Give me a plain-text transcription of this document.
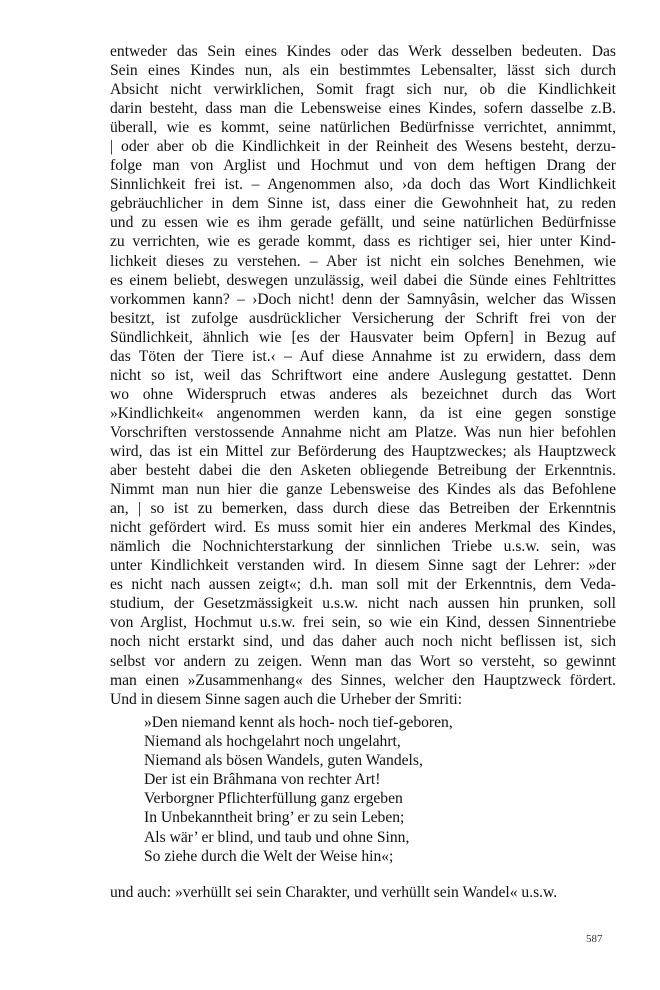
entweder das Sein eines Kindes oder das Werk desselben bedeuten. Das
Sein eines Kindes nun, als ein bestimmtes Lebensalter, lässt sich durch
Absicht nicht verwirklichen, Somit fragt sich nur, ob die Kindlichkeit
darin besteht, dass man die Lebensweise eines Kindes, sofern dasselbe z.B.
überall, wie es kommt, seine natürlichen Bedürfnisse verrichtet, annimmt,
| oder aber ob die Kindlichkeit in der Reinheit des Wesens besteht, derzu-
folge man von Arglist und Hochmut und von dem heftigen Drang der
Sinnlichkeit frei ist. – Angenommen also, ›da doch das Wort Kindlichkeit
gebräuchlicher in dem Sinne ist, dass einer die Gewohnheit hat, zu reden
und zu essen wie es ihm gerade gefällt, und seine natürlichen Bedürfnisse
zu verrichten, wie es gerade kommt, dass es richtiger sei, hier unter Kind-
lichkeit dieses zu verstehen. – Aber ist nicht ein solches Benehmen, wie
es einem beliebt, deswegen unzulässig, weil dabei die Sünde eines Fehltrittes
vorkommen kann? – ›Doch nicht! denn der Samnyâsin, welcher das Wissen
besitzt, ist zufolge ausdrücklicher Versicherung der Schrift frei von der
Sündlichkeit, ähnlich wie [es der Hausvater beim Opfern] in Bezug auf
das Töten der Tiere ist.‹ – Auf diese Annahme ist zu erwidern, dass dem
nicht so ist, weil das Schriftwort eine andere Auslegung gestattet. Denn
wo ohne Widerspruch etwas anderes als bezeichnet durch das Wort
»Kindlichkeit« angenommen werden kann, da ist eine gegen sonstige
Vorschriften verstossende Annahme nicht am Platze. Was nun hier befohlen
wird, das ist ein Mittel zur Beförderung des Hauptzweckes; als Hauptzweck
aber besteht dabei die den Asketen obliegende Betreibung der Erkenntnis.
Nimmt man nun hier die ganze Lebensweise des Kindes als das Befohlene
an, | so ist zu bemerken, dass durch diese das Betreiben der Erkenntnis
nicht gefördert wird. Es muss somit hier ein anderes Merkmal des Kindes,
nämlich die Nochnichterstarkung der sinnlichen Triebe u.s.w. sein, was
unter Kindlichkeit verstanden wird. In diesem Sinne sagt der Lehrer: »der
es nicht nach aussen zeigt«; d.h. man soll mit der Erkenntnis, dem Veda-
studium, der Gesetzmässigkeit u.s.w. nicht nach aussen hin prunken, soll
von Arglist, Hochmut u.s.w. frei sein, so wie ein Kind, dessen Sinnentriebe
noch nicht erstarkt sind, und das daher auch noch nicht beflissen ist, sich
selbst vor andern zu zeigen. Wenn man das Wort so versteht, so gewinnt
man einen »Zusammenhang« des Sinnes, welcher den Hauptzweck fördert.
Und in diesem Sinne sagen auch die Urheber der Smriti:
»Den niemand kennt als hoch- noch tief-geboren,
Niemand als hochgelahrt noch ungelahrt,
Niemand als bösen Wandels, guten Wandels,
Der ist ein Brâhmana von rechter Art!
Verborgner Pflichterfüllung ganz ergeben
In Unbekanntheit bring’ er zu sein Leben;
Als wär’ er blind, und taub und ohne Sinn,
So ziehe durch die Welt der Weise hin«;
und auch: »verhüllt sei sein Charakter, und verhüllt sein Wandel« u.s.w.
587
